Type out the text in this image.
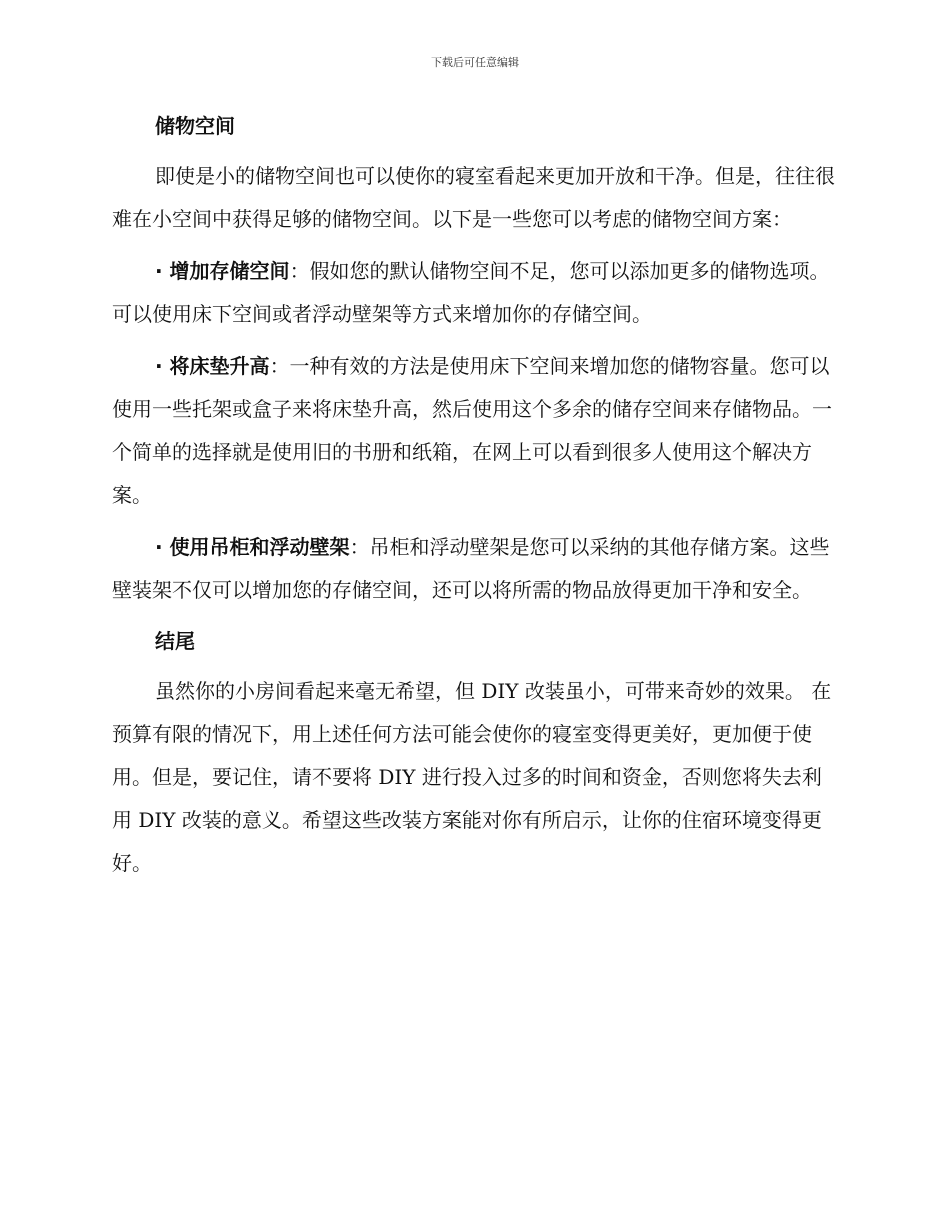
下载后可任意编辑
储物空间

即使是小的储物空间也可以使你的寝室看起来更加开放和干净。但是，往往很难在小空间中获得足够的储物空间。以下是一些您可以考虑的储物空间方案：

· 增加存储空间：假如您的默认储物空间不足，您可以添加更多的储物选项。可以使用床下空间或者浮动壁架等方式来增加你的存储空间。

· 将床垫升高：一种有效的方法是使用床下空间来增加您的储物容量。您可以使用一些托架或盒子来将床垫升高，然后使用这个多余的储存空间来存储物品。一个简单的选择就是使用旧的书册和纸箱，在网上可以看到很多人使用这个解决方案。

· 使用吊柜和浮动壁架：吊柜和浮动壁架是您可以采纳的其他存储方案。这些壁装架不仅可以增加您的存储空间，还可以将所需的物品放得更加干净和安全。

结尾

虽然你的小房间看起来毫无希望，但 DIY 改装虽小，可带来奇妙的效果。 在预算有限的情况下，用上述任何方法可能会使你的寝室变得更美好，更加便于使用。但是，要记住，请不要将 DIY 进行投入过多的时间和资金，否则您将失去利用 DIY 改装的意义。希望这些改装方案能对你有所启示，让你的住宿环境变得更好。
